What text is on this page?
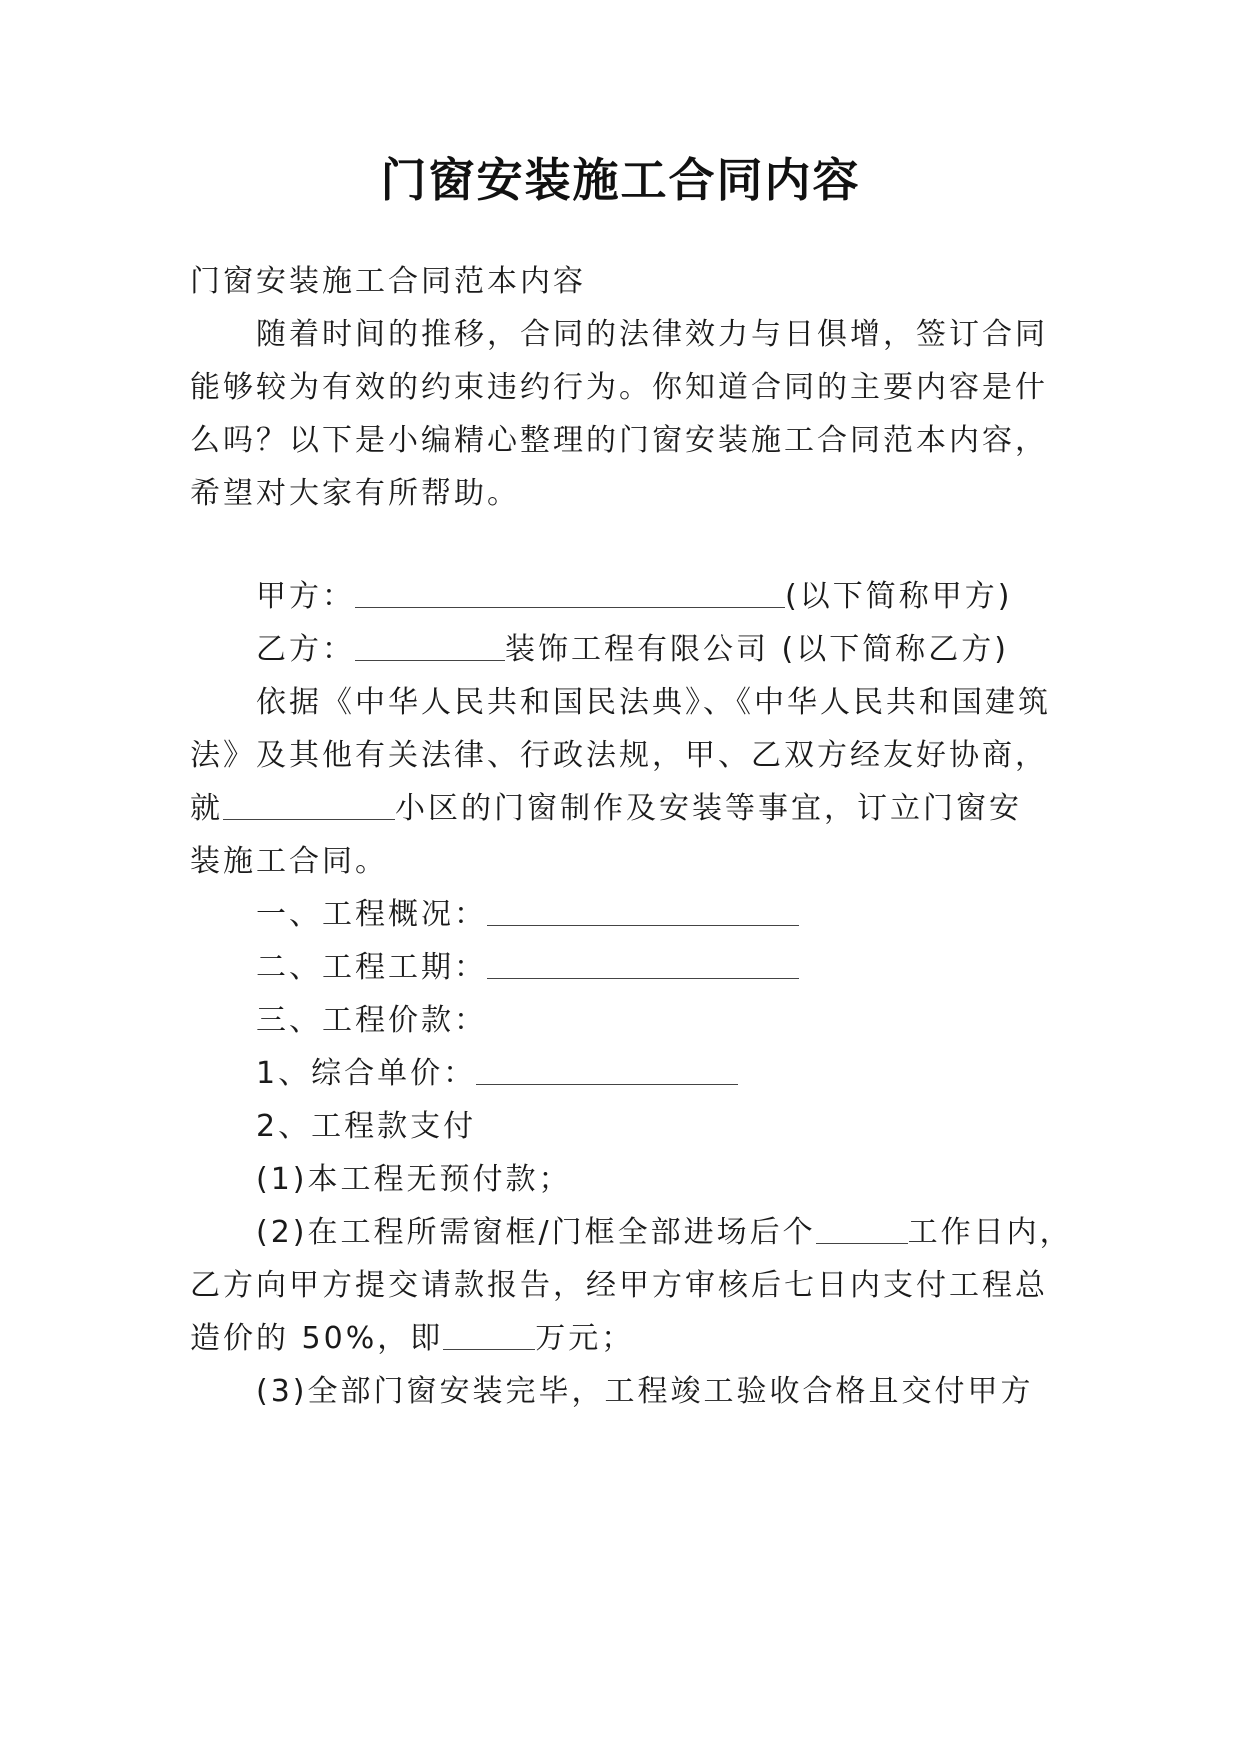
门窗安装施工合同内容
门窗安装施工合同范本内容
随着时间的推移，合同的法律效力与日俱增，签订合同
能够较为有效的约束违约行为。你知道合同的主要内容是什
么吗？以下是小编精心整理的门窗安装施工合同范本内容，
希望对大家有所帮助。
甲方：	(以下简称甲方)
乙方：	装饰工程有限公司 (以下简称乙方)
依据《中华人民共和国民法典》、《中华人民共和国建筑
法》及其他有关法律、行政法规，甲、乙双方经友好协商，
就	小区的门窗制作及安装等事宜，订立门窗安
装施工合同。
一、工程概况：
二、工程工期：
三、工程价款：
1、综合单价：
2、工程款支付
(1)本工程无预付款；
(2)在工程所需窗框/门框全部进场后个	工作日内，
乙方向甲方提交请款报告，经甲方审核后七日内支付工程总
造价的 50%，即	万元；
(3)全部门窗安装完毕，工程竣工验收合格且交付甲方
